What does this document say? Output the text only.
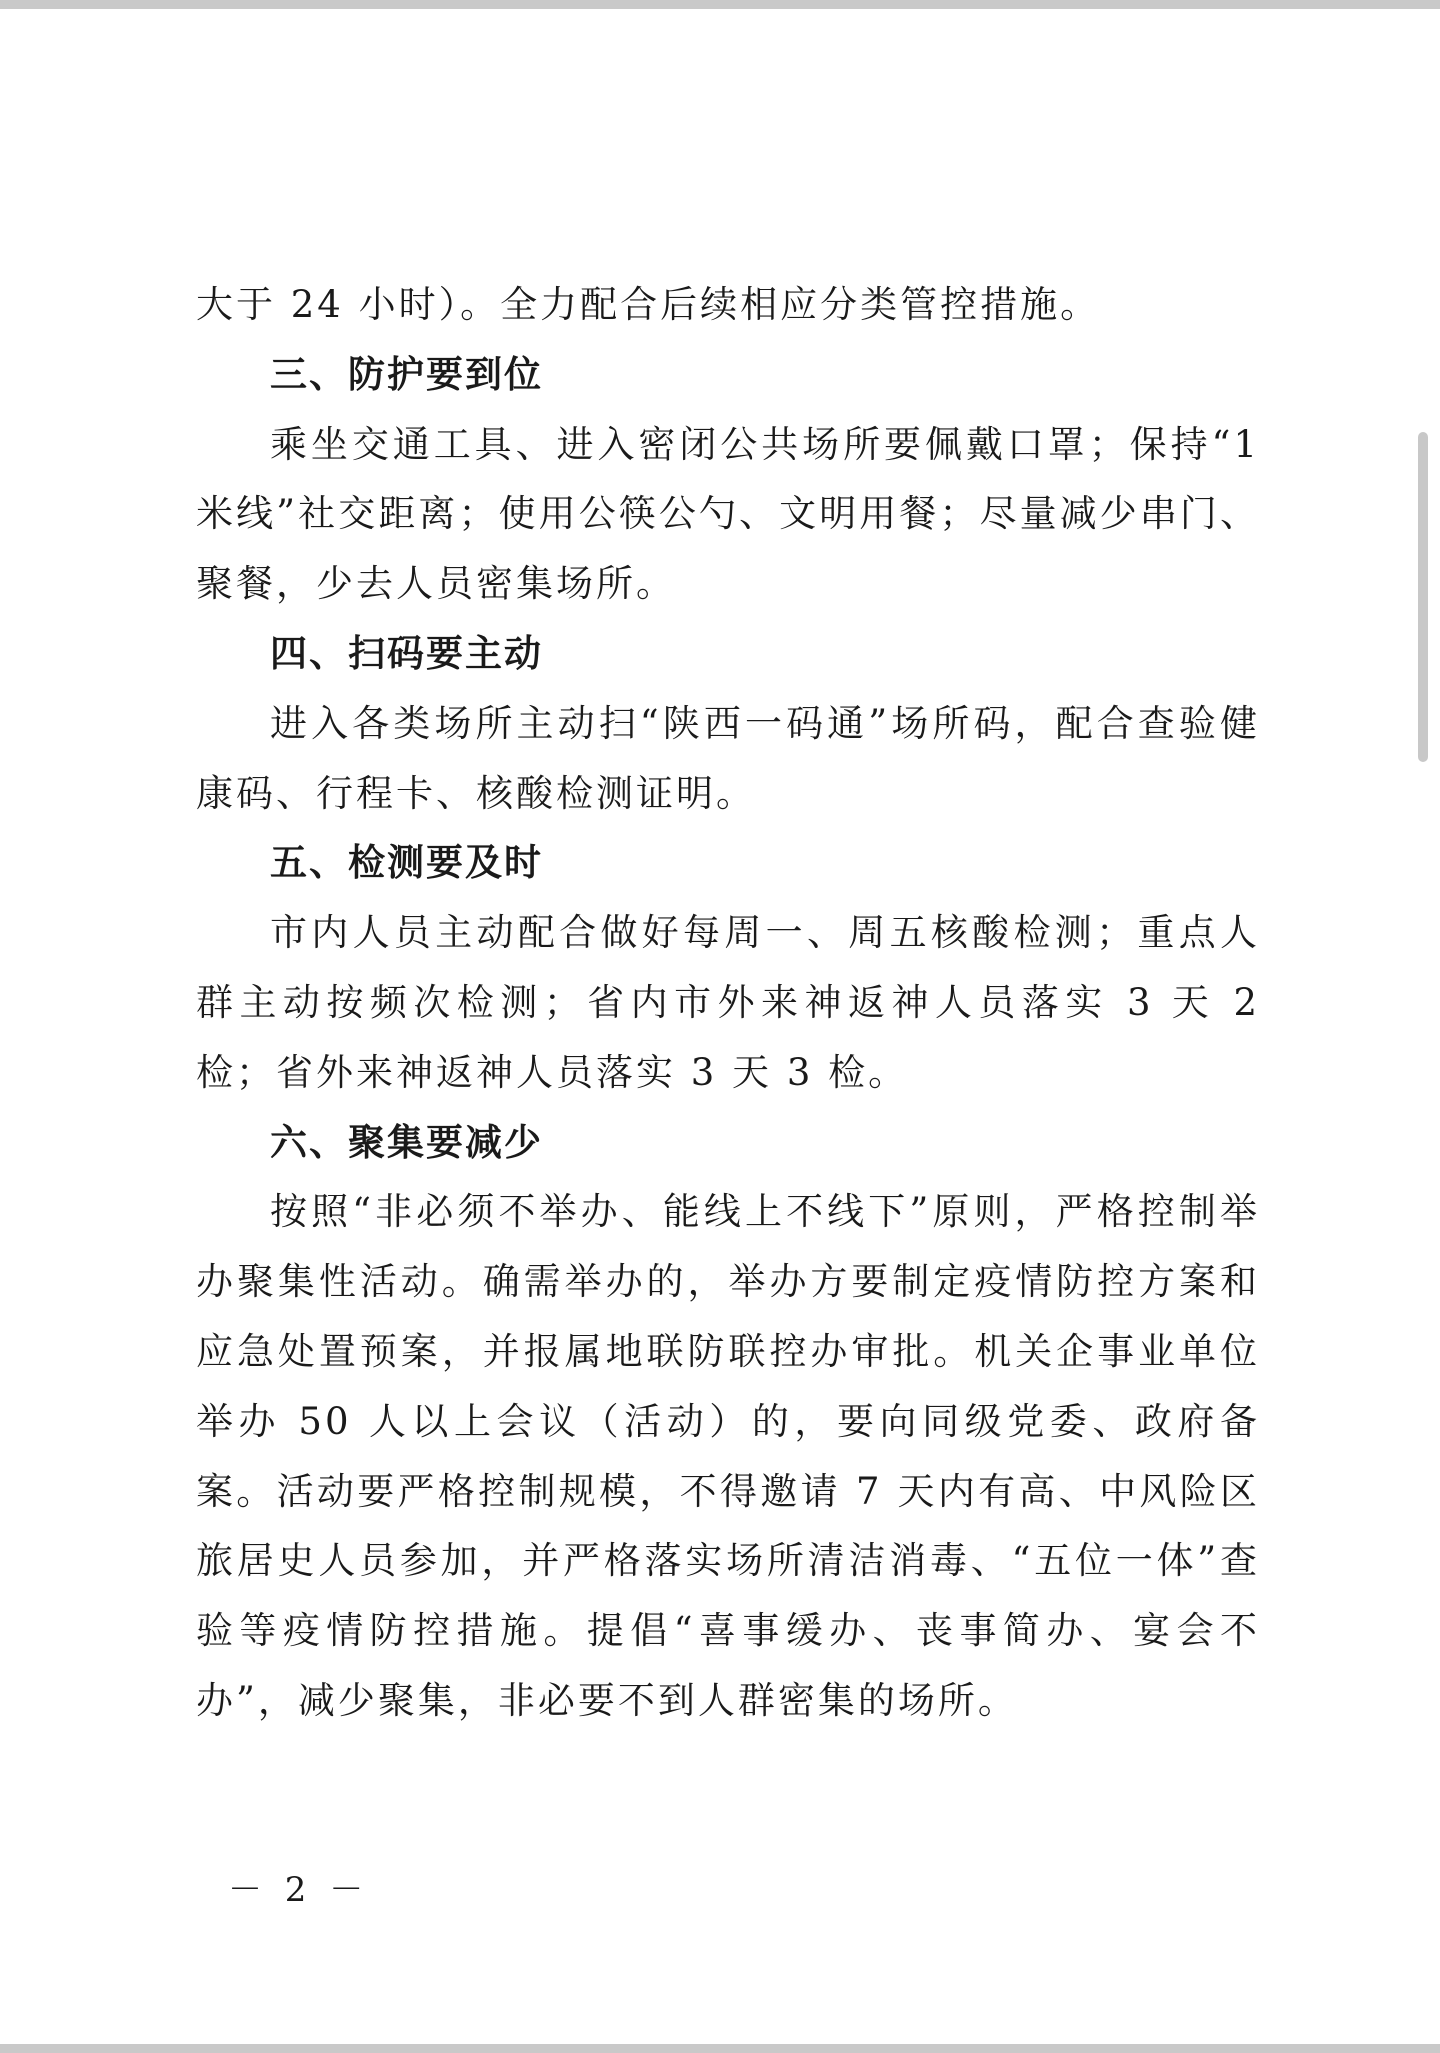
大于 24 小时）。全力配合后续相应分类管控措施。

三、防护要到位

乘坐交通工具、进入密闭公共场所要佩戴口罩；保持“1 米线”社交距离；使用公筷公勺、文明用餐；尽量减少串门、聚餐，少去人员密集场所。

四、扫码要主动

进入各类场所主动扫“陕西一码通”场所码，配合查验健康码、行程卡、核酸检测证明。

五、检测要及时

市内人员主动配合做好每周一、周五核酸检测；重点人群主动按频次检测；省内市外来神返神人员落实 3 天 2 检；省外来神返神人员落实 3 天 3 检。

六、聚集要减少

按照“非必须不举办、能线上不线下”原则，严格控制举办聚集性活动。确需举办的，举办方要制定疫情防控方案和应急处置预案，并报属地联防联控办审批。机关企事业单位举办 50 人以上会议（活动）的，要向同级党委、政府备案。活动要严格控制规模，不得邀请 7 天内有高、中风险区旅居史人员参加，并严格落实场所清洁消毒、“五位一体”查验等疫情防控措施。提倡“喜事缓办、丧事简办、宴会不办”，减少聚集，非必要不到人群密集的场所。

－ 2 －
